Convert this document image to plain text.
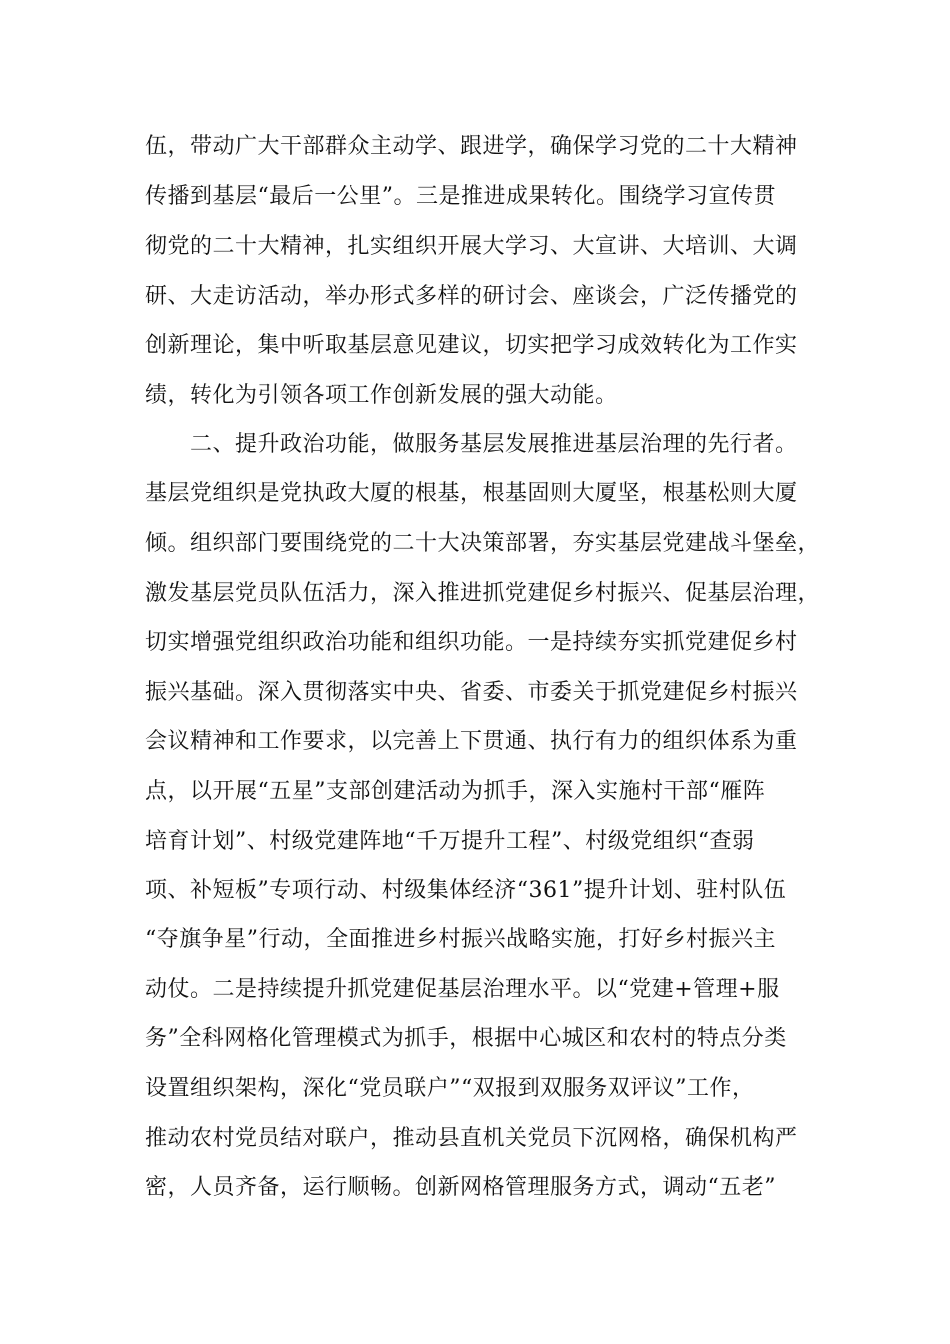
伍，带动广大干部群众主动学、跟进学，确保学习党的二十大精神
传播到基层“最后一公里”。三是推进成果转化。围绕学习宣传贯
彻党的二十大精神，扎实组织开展大学习、大宣讲、大培训、大调
研、大走访活动，举办形式多样的研讨会、座谈会，广泛传播党的
创新理论，集中听取基层意见建议，切实把学习成效转化为工作实
绩，转化为引领各项工作创新发展的强大动能。
二、提升政治功能，做服务基层发展推进基层治理的先行者。
基层党组织是党执政大厦的根基，根基固则大厦坚，根基松则大厦
倾。组织部门要围绕党的二十大决策部署，夯实基层党建战斗堡垒，
激发基层党员队伍活力，深入推进抓党建促乡村振兴、促基层治理，
切实增强党组织政治功能和组织功能。一是持续夯实抓党建促乡村
振兴基础。深入贯彻落实中央、省委、市委关于抓党建促乡村振兴
会议精神和工作要求，以完善上下贯通、执行有力的组织体系为重
点，以开展“五星”支部创建活动为抓手，深入实施村干部“雁阵
培育计划”、村级党建阵地“千万提升工程”、村级党组织“查弱
项、补短板”专项行动、村级集体经济“361”提升计划、驻村队伍
“夺旗争星”行动，全面推进乡村振兴战略实施，打好乡村振兴主
动仗。二是持续提升抓党建促基层治理水平。以“党建+管理+服
务”全科网格化管理模式为抓手，根据中心城区和农村的特点分类
设置组织架构，深化“党员联户”“双报到双服务双评议”工作，
推动农村党员结对联户，推动县直机关党员下沉网格，确保机构严
密，人员齐备，运行顺畅。创新网格管理服务方式，调动“五老”
